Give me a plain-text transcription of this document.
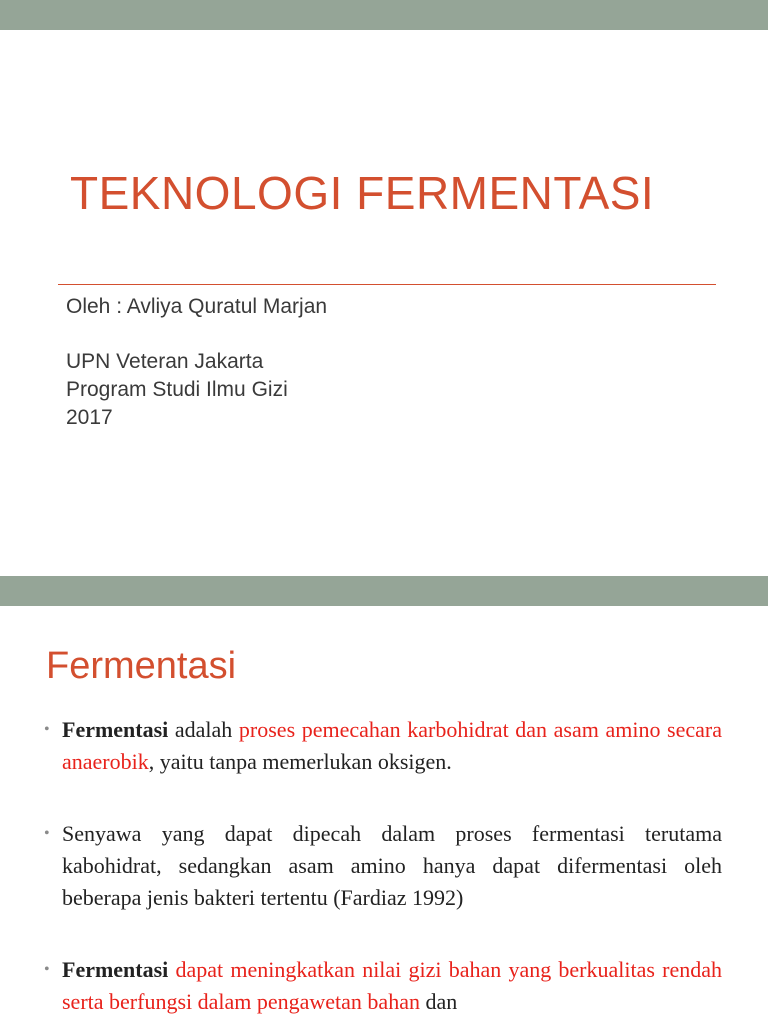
TEKNOLOGI FERMENTASI
Oleh : Avliya Quratul Marjan
UPN Veteran Jakarta
Program Studi Ilmu Gizi
2017
Fermentasi
• Fermentasi adalah proses pemecahan karbohidrat dan asam amino secara anaerobik, yaitu tanpa memerlukan oksigen.
• Senyawa yang dapat dipecah dalam proses fermentasi terutama kabohidrat, sedangkan asam amino hanya dapat difermentasi oleh beberapa jenis bakteri tertentu (Fardiaz 1992)
• Fermentasi dapat meningkatkan nilai gizi bahan yang berkualitas rendah serta berfungsi dalam pengawetan bahan dan
